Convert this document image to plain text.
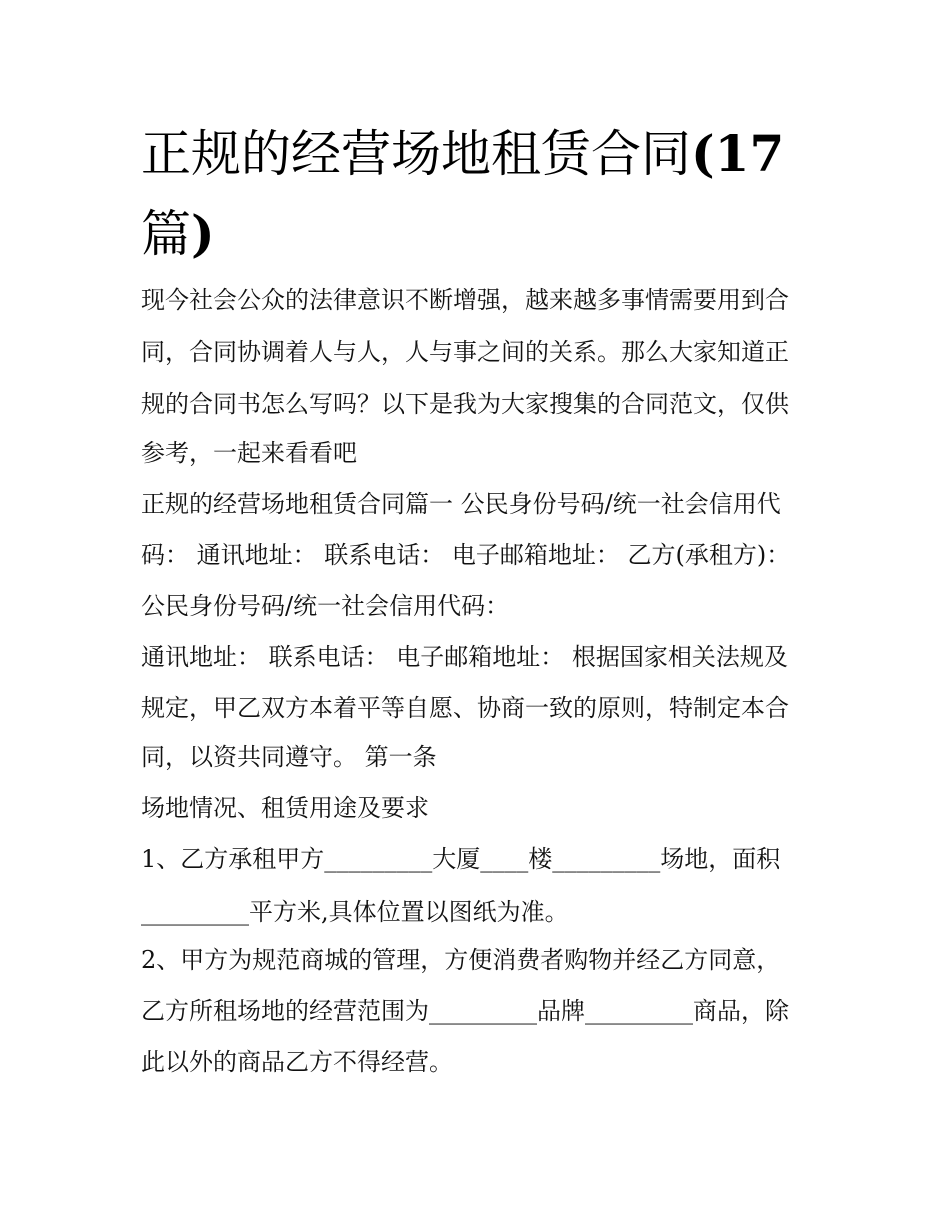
正规的经营场地租赁合同(17
篇)

现今社会公众的法律意识不断增强，越来越多事情需要用到合

同，合同协调着人与人，人与事之间的关系。那么大家知道正

规的合同书怎么写吗？以下是我为大家搜集的合同范文，仅供

参考，一起来看看吧

正规的经营场地租赁合同篇一 公民身份号码/统一社会信用代

码： 通讯地址： 联系电话： 电子邮箱地址： 乙方(承租方)：

公民身份号码/统一社会信用代码：

通讯地址： 联系电话： 电子邮箱地址： 根据国家相关法规及

规定，甲乙双方本着平等自愿、协商一致的原则，特制定本合

同，以资共同遵守。 第一条

场地情况、租赁用途及要求

1、乙方承租甲方_________大厦____楼_________场地，面积

_________平方米,具体位置以图纸为准。

2、甲方为规范商城的管理，方便消费者购物并经乙方同意，

乙方所租场地的经营范围为_________品牌_________商品，除

此以外的商品乙方不得经营。
